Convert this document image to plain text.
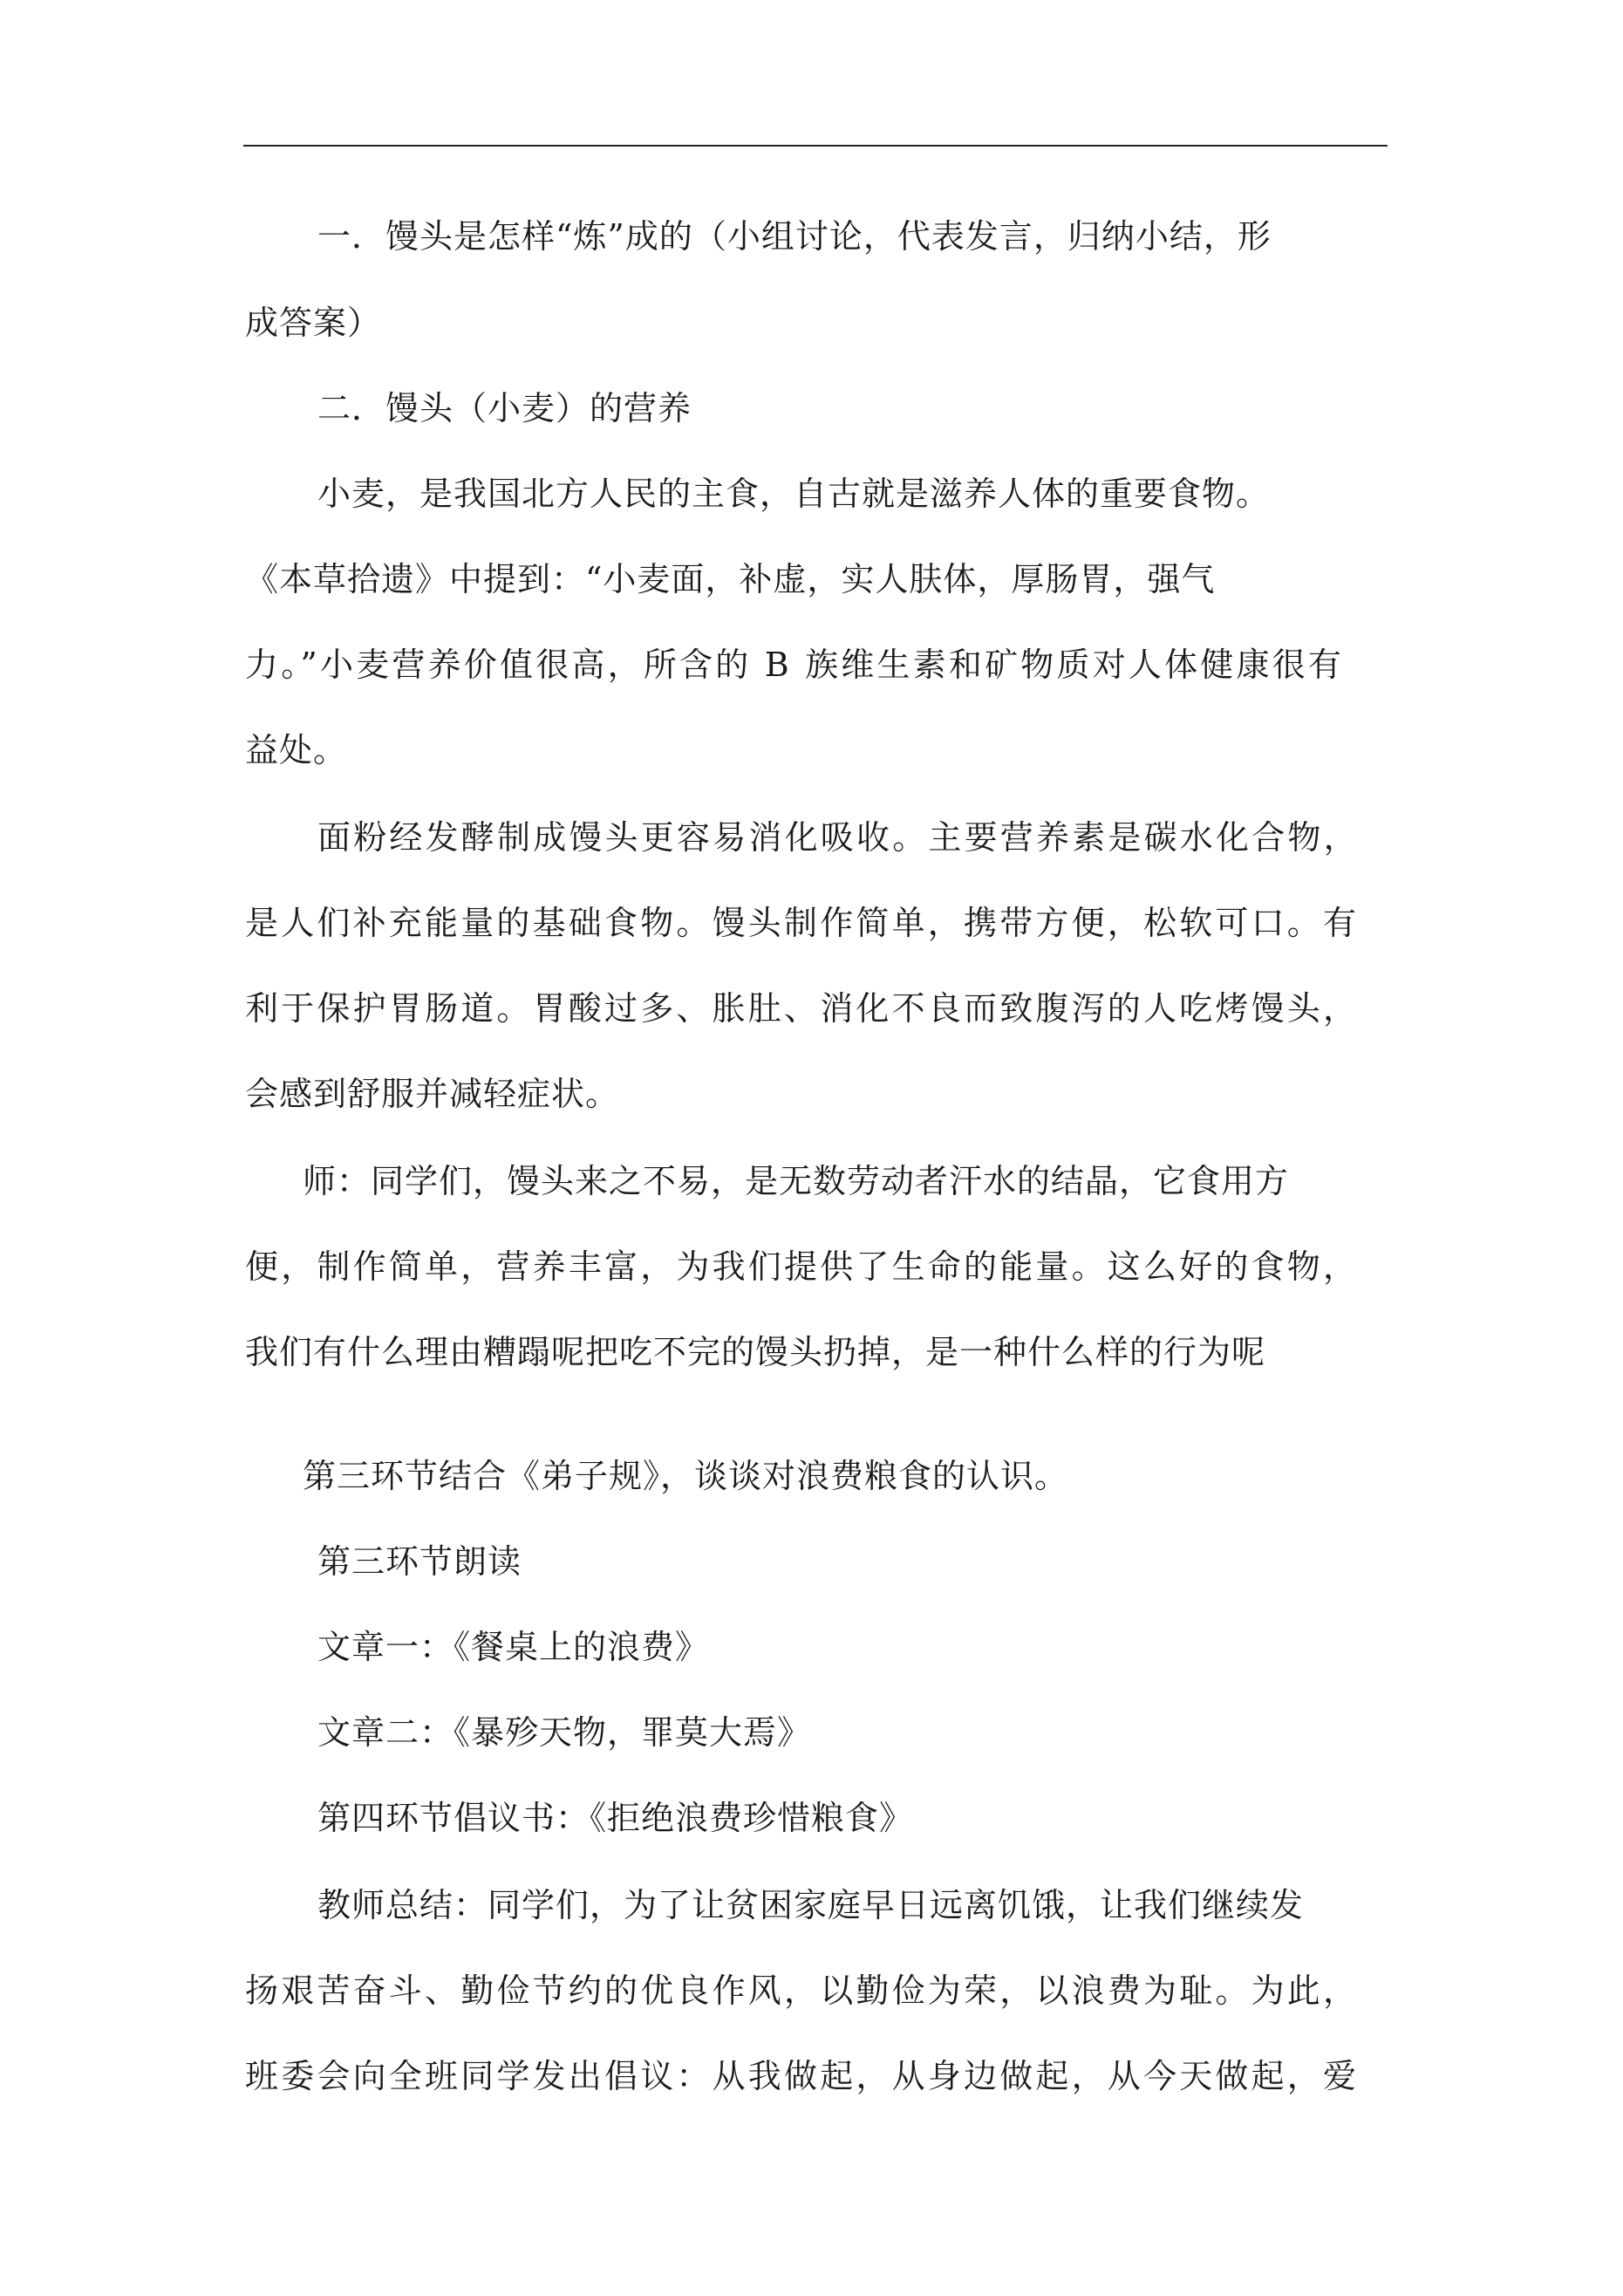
一．馒头是怎样“炼”成的（小组讨论，代表发言，归纳小结，形
成答案）
二．馒头（小麦）的营养
小麦，是我国北方人民的主食，自古就是滋养人体的重要食物。
《本草拾遗》中提到：“小麦面，补虚，实人肤体，厚肠胃，强气
力。”小麦营养价值很高，所含的 B 族维生素和矿物质对人体健康很有
益处。
面粉经发酵制成馒头更容易消化吸收。主要营养素是碳水化合物，
是人们补充能量的基础食物。馒头制作简单，携带方便，松软可口。有
利于保护胃肠道。胃酸过多、胀肚、消化不良而致腹泻的人吃烤馒头，
会感到舒服并减轻症状。
师：同学们，馒头来之不易，是无数劳动者汗水的结晶，它食用方
便，制作简单，营养丰富，为我们提供了生命的能量。这么好的食物，
我们有什么理由糟蹋呢把吃不完的馒头扔掉，是一种什么样的行为呢
第三环节结合《弟子规》，谈谈对浪费粮食的认识。
第三环节朗读
文章一：《餐桌上的浪费》
文章二：《暴殄天物，罪莫大焉》
第四环节倡议书：《拒绝浪费珍惜粮食》
教师总结：同学们，为了让贫困家庭早日远离饥饿，让我们继续发
扬艰苦奋斗、勤俭节约的优良作风，以勤俭为荣，以浪费为耻。为此，
班委会向全班同学发出倡议：从我做起，从身边做起，从今天做起，爱
